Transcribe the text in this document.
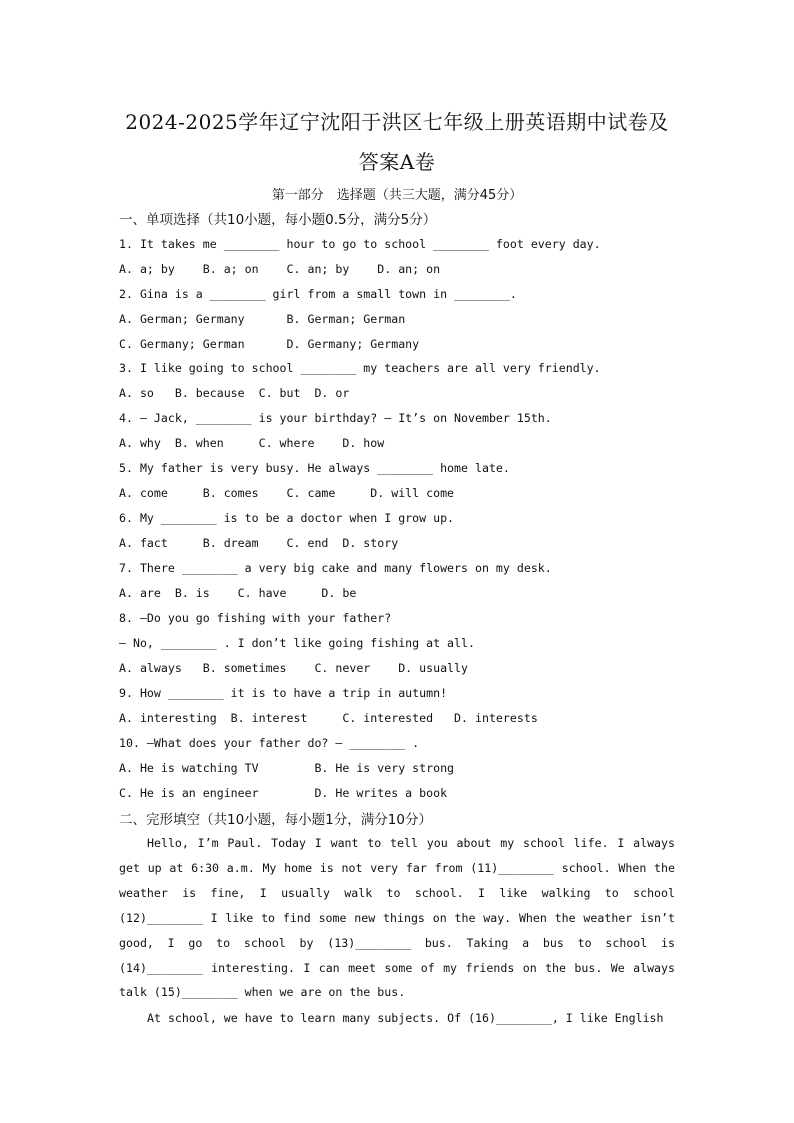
2024-2025学年辽宁沈阳于洪区七年级上册英语期中试卷及
答案A卷
第一部分　选择题（共三大题，满分45分）
一、单项选择（共10小题，每小题0.5分，满分5分）
1. It takes me ________ hour to go to school ________ foot every day.
A. a; by    B. a; on    C. an; by    D. an; on
2. Gina is a ________ girl from a small town in ________.
A. German; Germany      B. German; German
C. Germany; German      D. Germany; Germany
3. I like going to school ________ my teachers are all very friendly.
A. so   B. because  C. but  D. or
4. — Jack, ________ is your birthday? — It’s on November 15th.
A. why  B. when     C. where    D. how
5. My father is very busy. He always ________ home late.
A. come     B. comes    C. came     D. will come
6. My ________ is to be a doctor when I grow up.
A. fact     B. dream    C. end  D. story
7. There ________ a very big cake and many flowers on my desk.
A. are  B. is    C. have     D. be
8. —Do you go fishing with your father?
— No, ________ . I don’t like going fishing at all.
A. always   B. sometimes    C. never    D. usually
9. How ________ it is to have a trip in autumn!
A. interesting  B. interest     C. interested   D. interests
10. —What does your father do? — ________ .
A. He is watching TV        B. He is very strong
C. He is an engineer        D. He writes a book
二、完形填空（共10小题，每小题1分，满分10分）
Hello, I’m Paul. Today I want to tell you about my school life. I always get up at 6:30 a.m. My home is not very far from (11)________ school. When the weather is fine, I usually walk to school. I like walking to school (12)________ I like to find some new things on the way. When the weather isn’t good, I go to school by (13)________ bus. Taking a bus to school is (14)________ interesting. I can meet some of my friends on the bus. We always talk (15)________ when we are on the bus.
At school, we have to learn many subjects. Of (16)________, I like English
